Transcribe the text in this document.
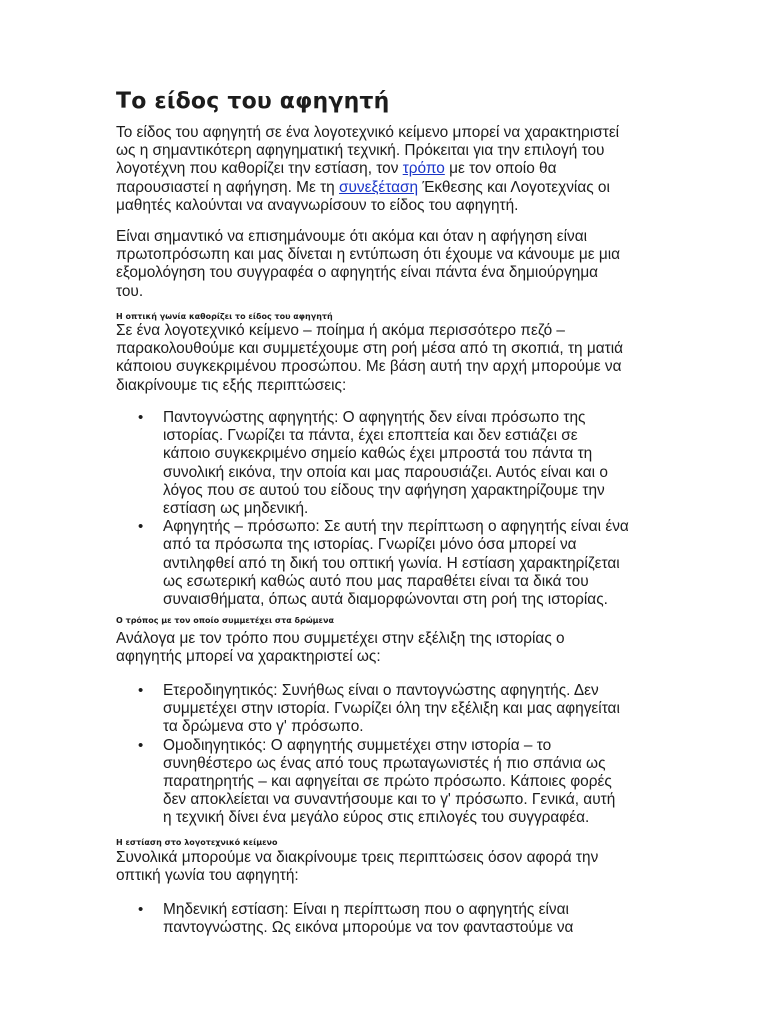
Το είδος του αφηγητή
Το είδος του αφηγητή σε ένα λογοτεχνικό κείμενο μπορεί να χαρακτηριστεί
ως η σημαντικότερη αφηγηματική τεχνική. Πρόκειται για την επιλογή του
λογοτέχνη που καθορίζει την εστίαση, τον τρόπο με τον οποίο θα
παρουσιαστεί η αφήγηση. Με τη συνεξέταση Έκθεσης και Λογοτεχνίας οι
μαθητές καλούνται να αναγνωρίσουν το είδος του αφηγητή.
Είναι σημαντικό να επισημάνουμε ότι ακόμα και όταν η αφήγηση είναι
πρωτοπρόσωπη και μας δίνεται η εντύπωση ότι έχουμε να κάνουμε με μια
εξομολόγηση του συγγραφέα ο αφηγητής είναι πάντα ένα δημιούργημα
του.
Η οπτική γωνία καθορίζει το είδος του αφηγητή
Σε ένα λογοτεχνικό κείμενο – ποίημα ή ακόμα περισσότερο πεζό –
παρακολουθούμε και συμμετέχουμε στη ροή μέσα από τη σκοπιά, τη ματιά
κάποιου συγκεκριμένου προσώπου. Με βάση αυτή την αρχή μπορούμε να
διακρίνουμε τις εξής περιπτώσεις:
• Παντογνώστης αφηγητής: Ο αφηγητής δεν είναι πρόσωπο της
ιστορίας. Γνωρίζει τα πάντα, έχει εποπτεία και δεν εστιάζει σε
κάποιο συγκεκριμένο σημείο καθώς έχει μπροστά του πάντα τη
συνολική εικόνα, την οποία και μας παρουσιάζει. Αυτός είναι και ο
λόγος που σε αυτού του είδους την αφήγηση χαρακτηρίζουμε την
εστίαση ως μηδενική.
• Αφηγητής – πρόσωπο: Σε αυτή την περίπτωση ο αφηγητής είναι ένα
από τα πρόσωπα της ιστορίας. Γνωρίζει μόνο όσα μπορεί να
αντιληφθεί από τη δική του οπτική γωνία. Η εστίαση χαρακτηρίζεται
ως εσωτερική καθώς αυτό που μας παραθέτει είναι τα δικά του
συναισθήματα, όπως αυτά διαμορφώνονται στη ροή της ιστορίας.
Ο τρόπος με τον οποίο συμμετέχει στα δρώμενα
Ανάλογα με τον τρόπο που συμμετέχει στην εξέλιξη της ιστορίας ο
αφηγητής μπορεί να χαρακτηριστεί ως:
• Ετεροδιηγητικός: Συνήθως είναι ο παντογνώστης αφηγητής. Δεν
συμμετέχει στην ιστορία. Γνωρίζει όλη την εξέλιξη και μας αφηγείται
τα δρώμενα στο γ' πρόσωπο.
• Ομοδιηγητικός: Ο αφηγητής συμμετέχει στην ιστορία – το
συνηθέστερο ως ένας από τους πρωταγωνιστές ή πιο σπάνια ως
παρατηρητής – και αφηγείται σε πρώτο πρόσωπο. Κάποιες φορές
δεν αποκλείεται να συναντήσουμε και το γ' πρόσωπο. Γενικά, αυτή
η τεχνική δίνει ένα μεγάλο εύρος στις επιλογές του συγγραφέα.
Η εστίαση στο λογοτεχνικό κείμενο
Συνολικά μπορούμε να διακρίνουμε τρεις περιπτώσεις όσον αφορά την
οπτική γωνία του αφηγητή:
• Μηδενική εστίαση: Είναι η περίπτωση που ο αφηγητής είναι
παντογνώστης. Ως εικόνα μπορούμε να τον φανταστούμε να
